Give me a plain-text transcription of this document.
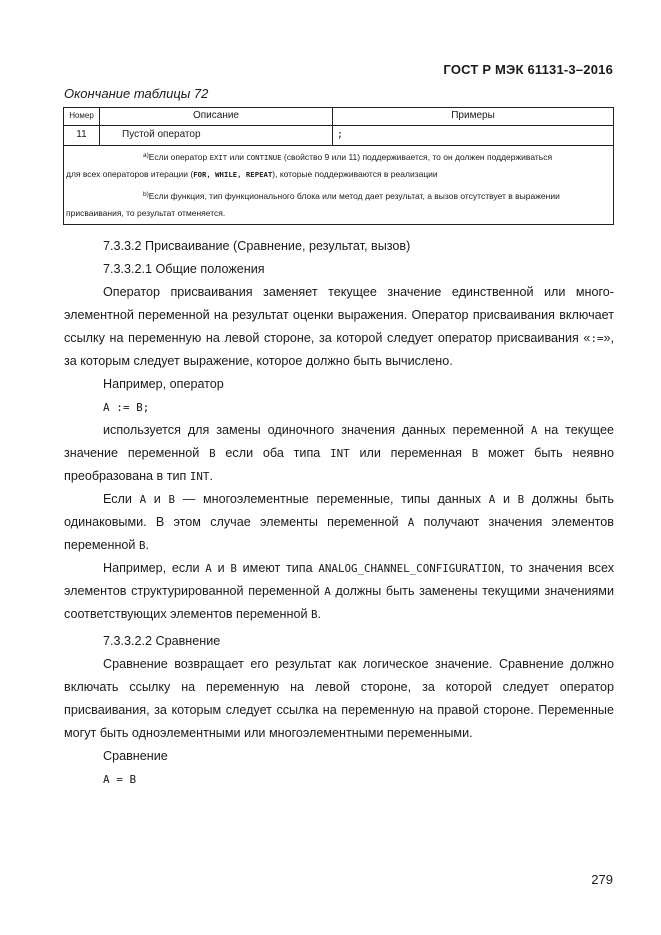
ГОСТ Р МЭК 61131-3–2016
Окончание таблицы 72
Номер	Описание	Примеры
11	Пустой оператор	;

$^{a)}$Если оператор EXIT или CONTINUE (свойство 9 или 11) поддерживается, то он должен поддерживаться

для всех операторов итерации (FOR, WHILE, REPEAT), которые поддерживаются в реализации

$^{b)}$Если функция, тип функционального блока или метод дает результат, а вызов отсутствует в выражении

присваивания, то результат отменяется.

7.3.3.2 Присваивание (Сравнение, результат, вызов)

7.3.3.2.1 Общие положения

Оператор присваивания заменяет текущее значение единственной или многоэлементной переменной на результат оценки выражения. Оператор присваивания включает ссылку на переменную на левой стороне, за которой следует оператор присваивания «:=», за которым следует выражение, которое должно быть вычислено.

Например, оператор

A := B;

используется для замены одиночного значения данных переменной A на текущее значение переменной B если оба типа INT или переменная B может быть неявно преобразована в тип INT.

Если A и B — многоэлементные переменные, типы данных A и B должны быть одинаковыми. В этом случае элементы переменной A получают значения элементов переменной B.

Например, если A и B имеют типа ANALOG_CHANNEL_CONFIGURATION, то значения всех элементов структурированной переменной A должны быть заменены текущими значениями соответствующих элементов переменной B.

7.3.3.2.2 Сравнение

Сравнение возвращает его результат как логическое значение. Сравнение должно включать ссылку на переменную на левой стороне, за которой следует оператор присваивания, за которым следует ссылка на переменную на правой стороне. Переменные могут быть одноэлементными или многоэлементными переменными.

Сравнение

A = B

279
